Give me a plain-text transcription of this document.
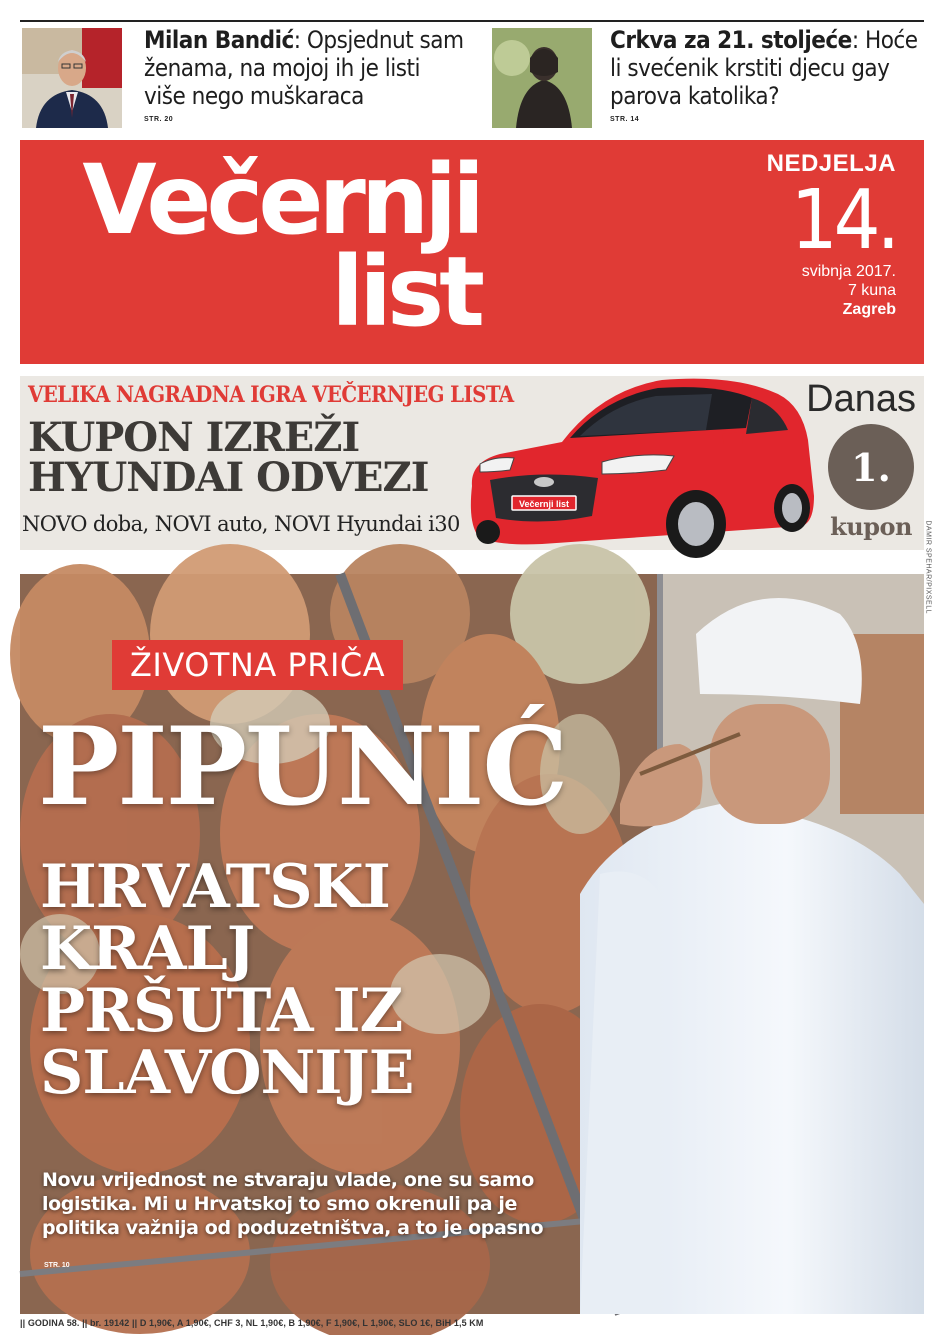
Milan Bandić: Opsjednut sam ženama, na mojoj ih je listi više nego muškaraca
STR. 20
Crkva za 21. stoljeće: Hoće li svećenik krstiti djecu gay parova katolika?
STR. 14
Večernji
list
NEDJELJA
14.
svibnja 2017.
7 kuna
Zagreb
VELIKA NAGRADNA IGRA VEČERNJEG LISTA
KUPON IZREŽI
HYUNDAI ODVEZI
NOVO doba, NOVI auto, NOVI Hyundai i30
Večernji list
Danas
1.
kupon
ŽIVOTNA PRIČA
PIPUNIĆ
HRVATSKI
KRALJ
PRŠUTA IZ
SLAVONIJE
Novu vrijednost ne stvaraju vlade, one su samo logistika. Mi u Hrvatskoj to smo okrenuli pa je politika važnija od poduzetništva, a to je opasno
STR. 10
DAMIR SPEHAR/PIXSELL
|| GODINA 58. || br. 19142 || D 1,90€, A 1,90€, CHF 3, NL 1,90€, B 1,90€, F 1,90€, L 1,90€, SLO 1€, BiH 1,5 KM
